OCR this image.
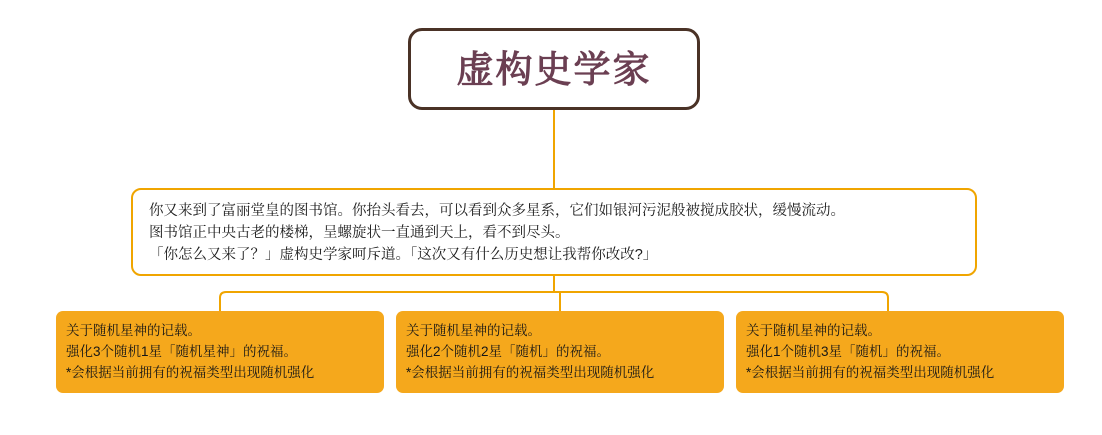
虚构史学家
你又来到了富丽堂皇的图书馆。你抬头看去，可以看到众多星系，它们如银河污泥般被搅成胶状，缓慢流动。
图书馆正中央古老的楼梯，呈螺旋状一直通到天上，看不到尽头。
「你怎么又来了？」虚构史学家呵斥道。「这次又有什么历史想让我帮你改改?」
关于随机星神的记载。
强化3个随机1星「随机星神」的祝福。
*会根据当前拥有的祝福类型出现随机强化
关于随机星神的记载。
强化2个随机2星「随机」的祝福。
*会根据当前拥有的祝福类型出现随机强化
关于随机星神的记载。
强化1个随机3星「随机」的祝福。
*会根据当前拥有的祝福类型出现随机强化
